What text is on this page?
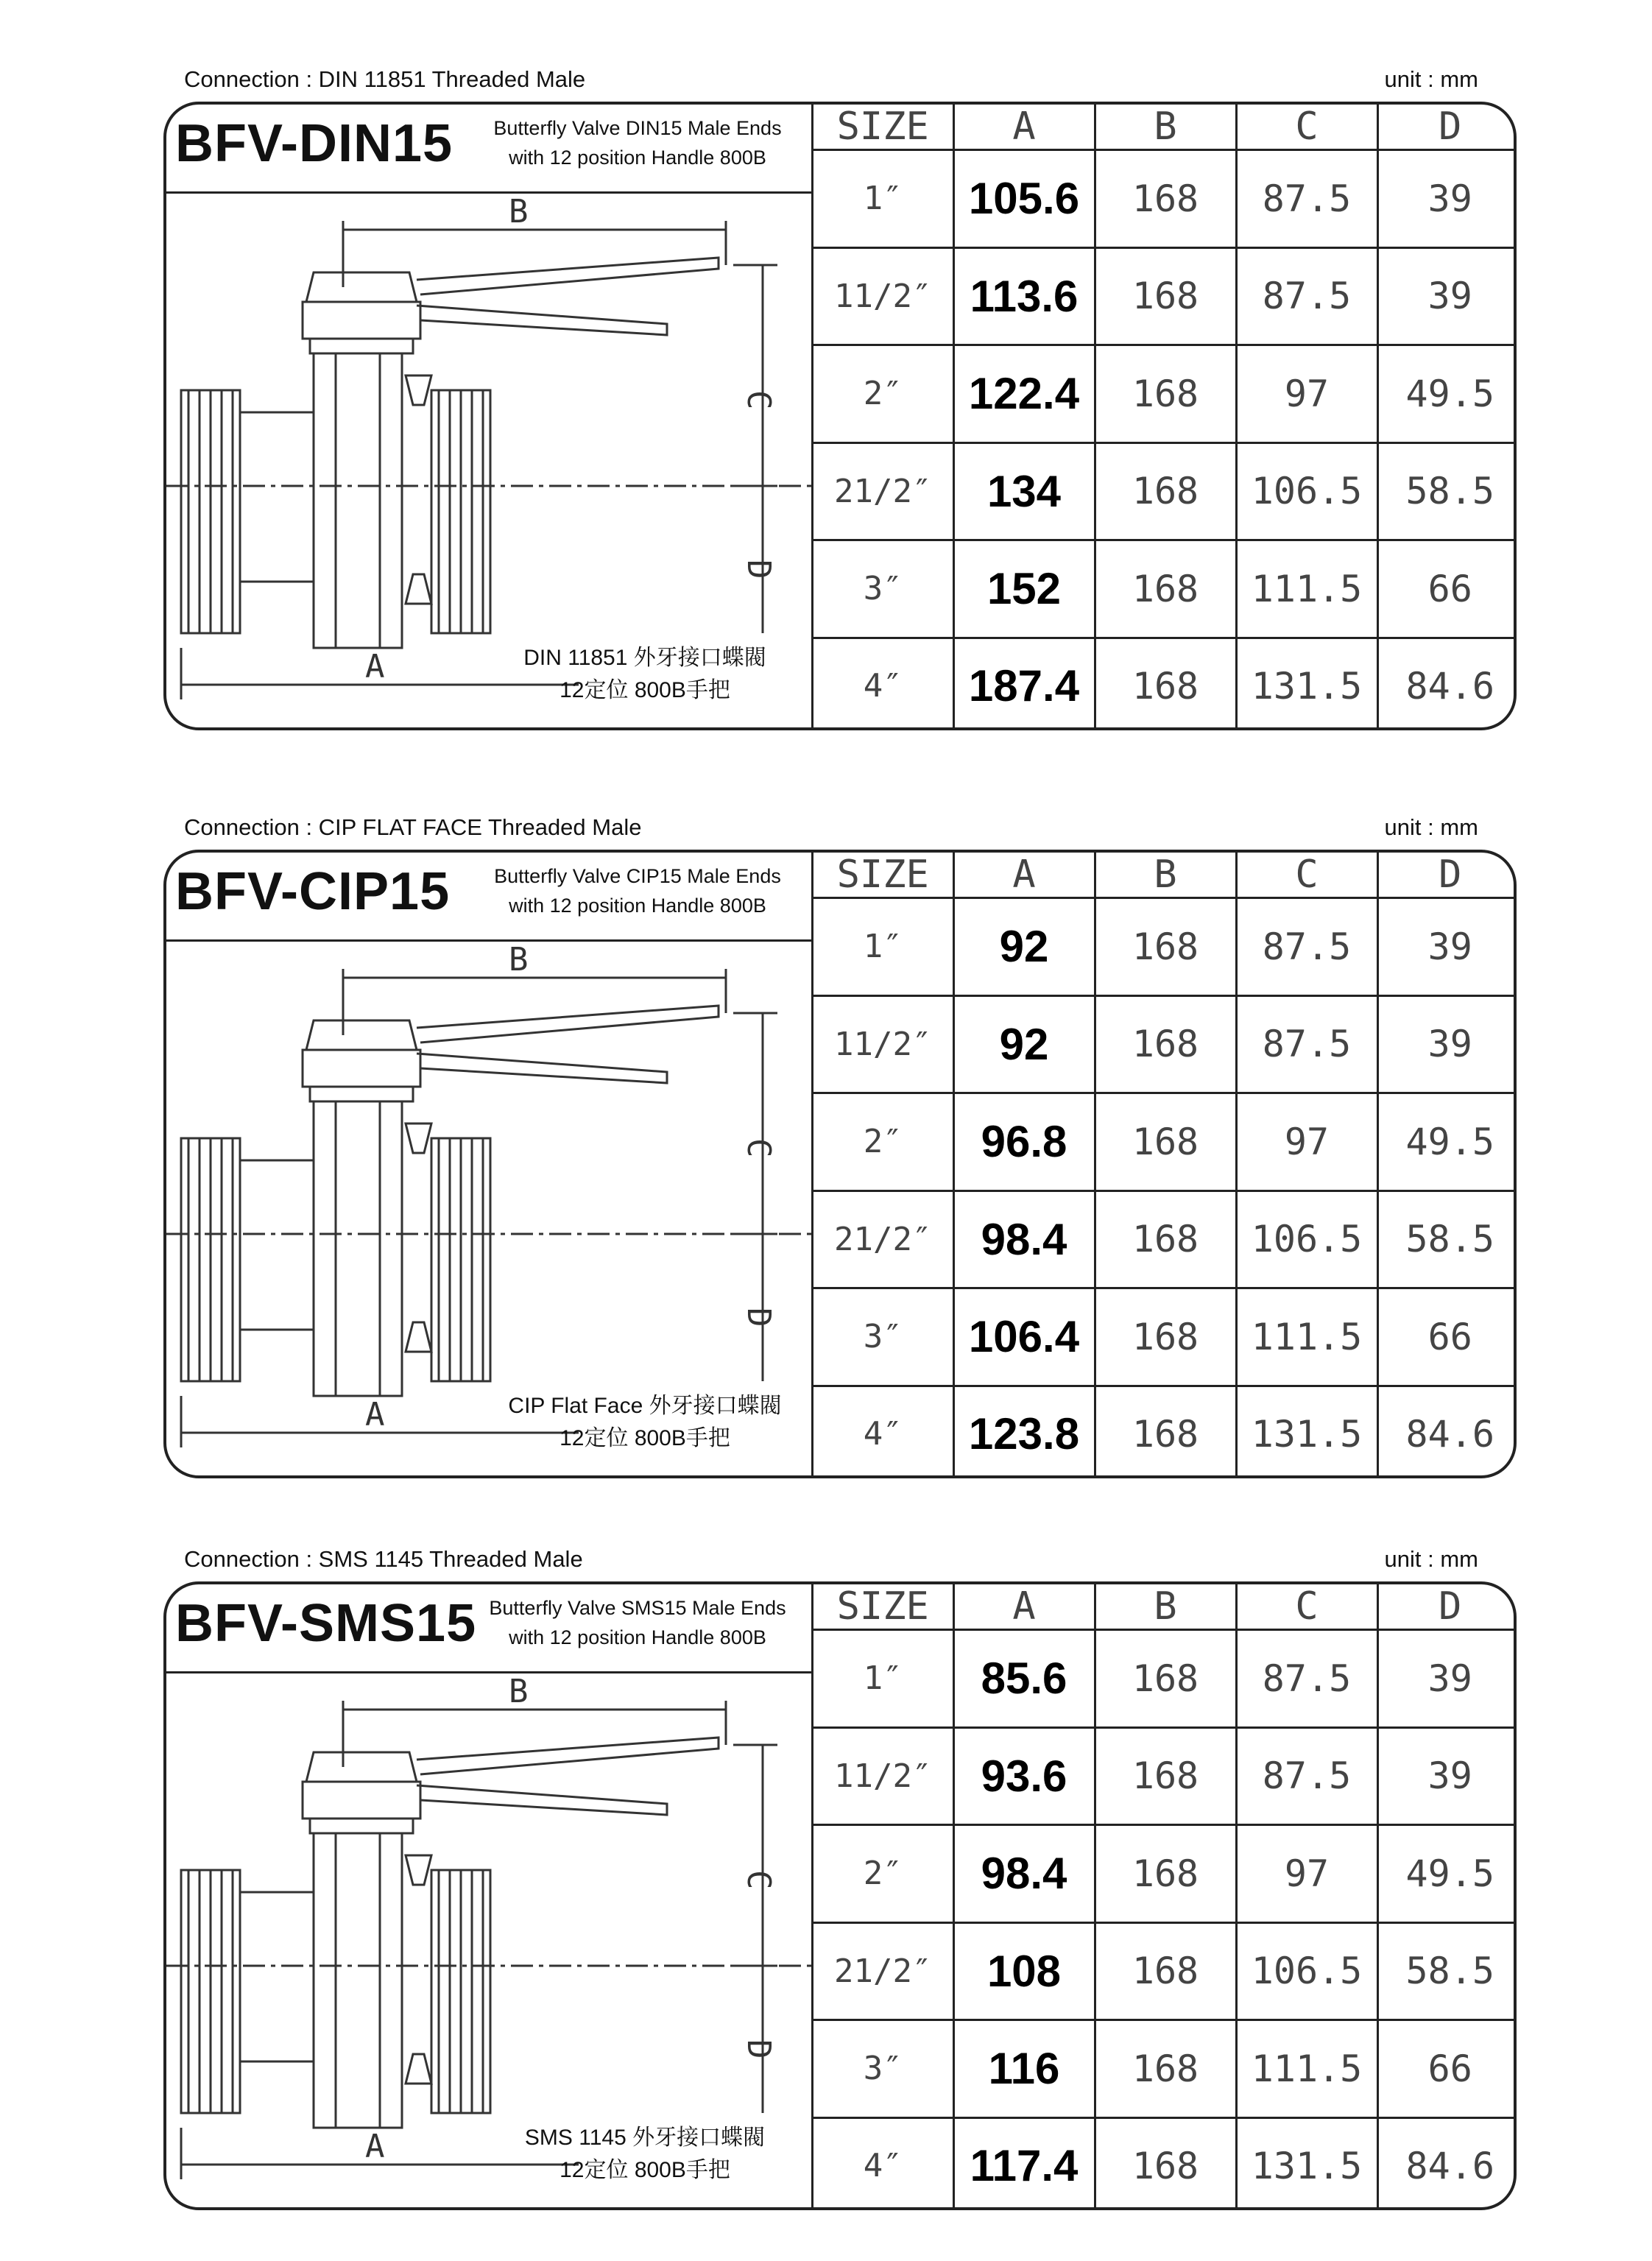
Connection : DIN 11851 Threaded Male	unit : mm
BFV-DIN15	Butterfly Valve DIN15 Male Ends
with 12 position Handle 800B
B
C
D
A	DIN 11851 外牙接口蝶閥
12定位 800B手把
SIZE	A	B	C	D
1″	105.6	168	87.5	39
11/2″	113.6	168	87.5	39
2″	122.4	168	97	49.5
21/2″	134	168	106.5	58.5
3″	152	168	111.5	66
4″	187.4	168	131.5	84.6
Connection : CIP FLAT FACE Threaded Male	unit : mm
BFV-CIP15	Butterfly Valve CIP15 Male Ends
with 12 position Handle 800B
B
C
D
A	CIP Flat Face 外牙接口蝶閥
12定位 800B手把
SIZE	A	B	C	D
1″	92	168	87.5	39
11/2″	92	168	87.5	39
2″	96.8	168	97	49.5
21/2″	98.4	168	106.5	58.5
3″	106.4	168	111.5	66
4″	123.8	168	131.5	84.6
Connection : SMS 1145 Threaded Male	unit : mm
BFV-SMS15 Butterfly Valve SMS15 Male Ends
with 12 position Handle 800B
B
C
D
A	SMS 1145 外牙接口蝶閥
12定位 800B手把
SIZE	A	B	C	D
1″	85.6	168	87.5	39
11/2″	93.6	168	87.5	39
2″	98.4	168	97	49.5
21/2″	108	168	106.5	58.5
3″	116	168	111.5	66
4″	117.4	168	131.5	84.6
